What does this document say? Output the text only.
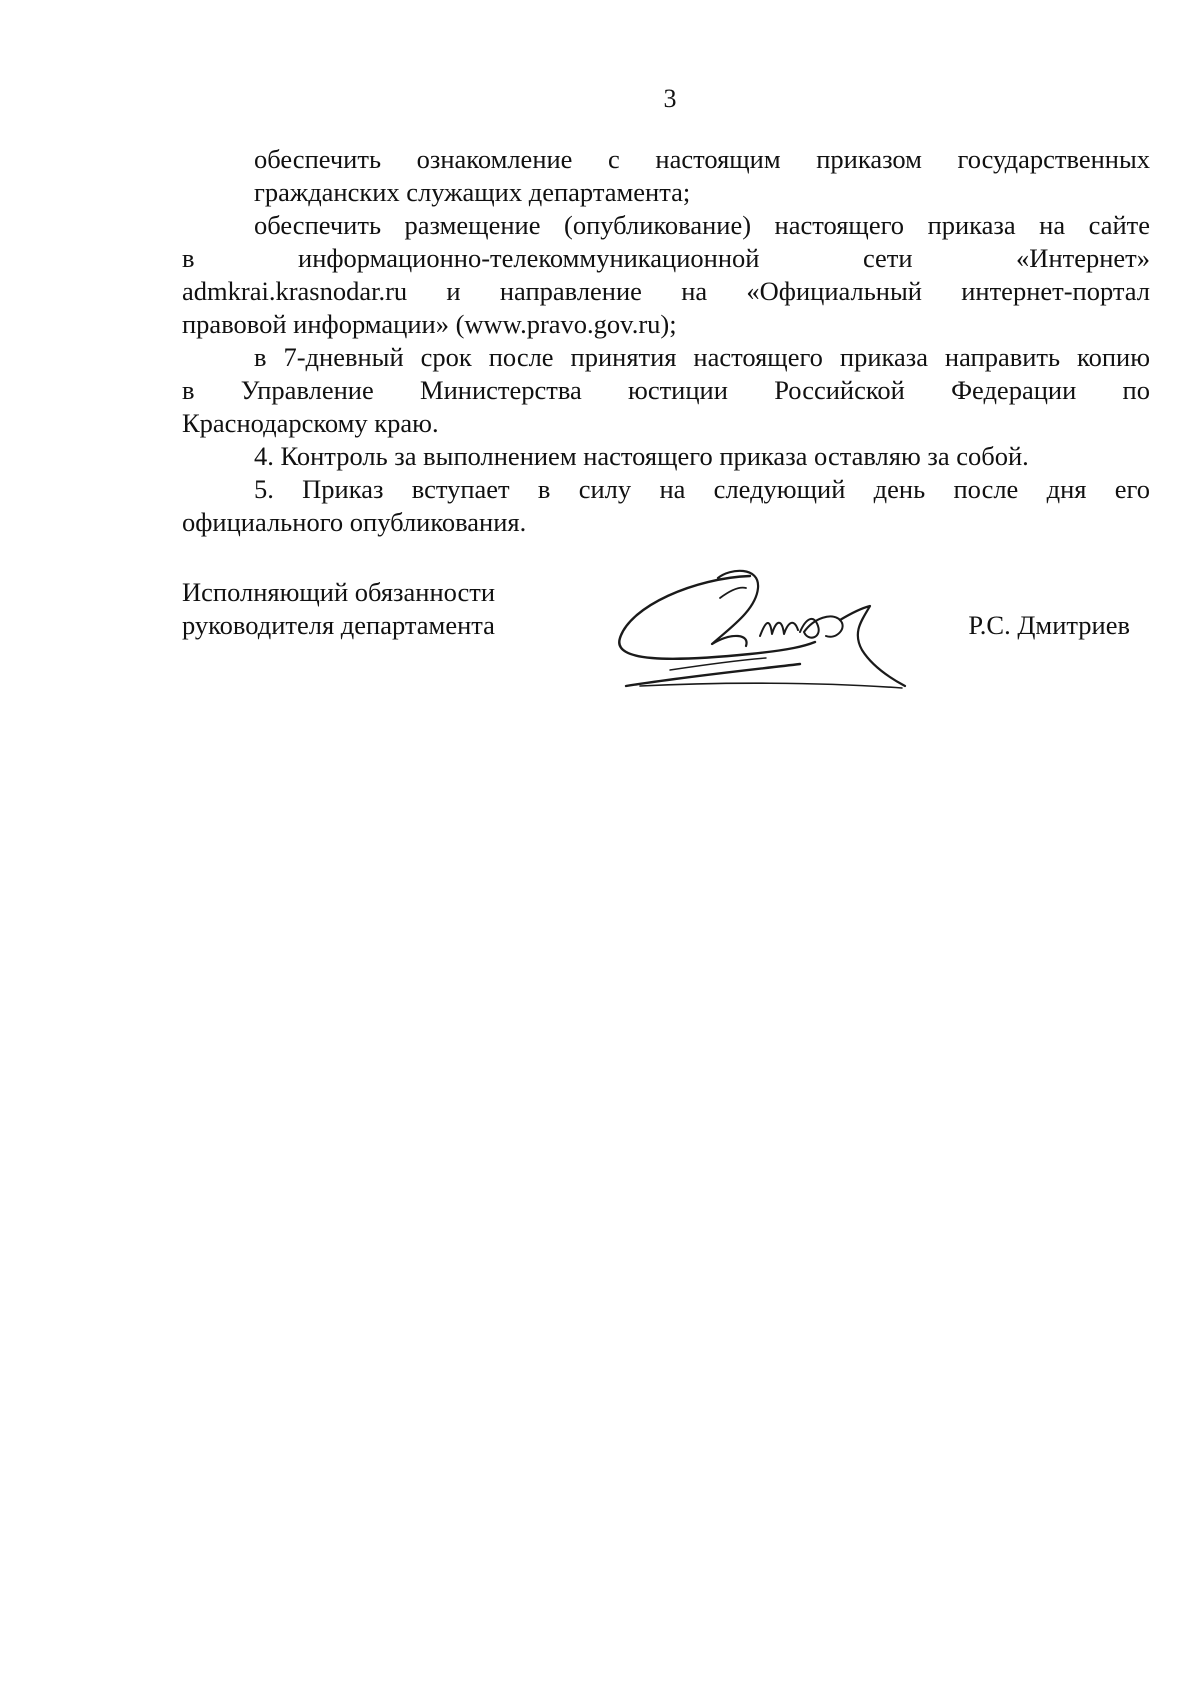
3

обеспечить ознакомление с настоящим приказом государственных
гражданских служащих департамента;

обеспечить размещение (опубликование) настоящего приказа на сайте
в информационно-телекоммуникационной сети «Интернет»
admkrai.krasnodar.ru и направление на «Официальный интернет-портал
правовой информации» (www.pravo.gov.ru);

в 7-дневный срок после принятия настоящего приказа направить копию
в Управление Министерства юстиции Российской Федерации по
Краснодарскому краю.

4. Контроль за выполнением настоящего приказа оставляю за собой.

5. Приказ вступает в силу на следующий день после дня его
официального опубликования.

Исполняющий обязанности
руководителя департамента	Р.С. Дмитриев
